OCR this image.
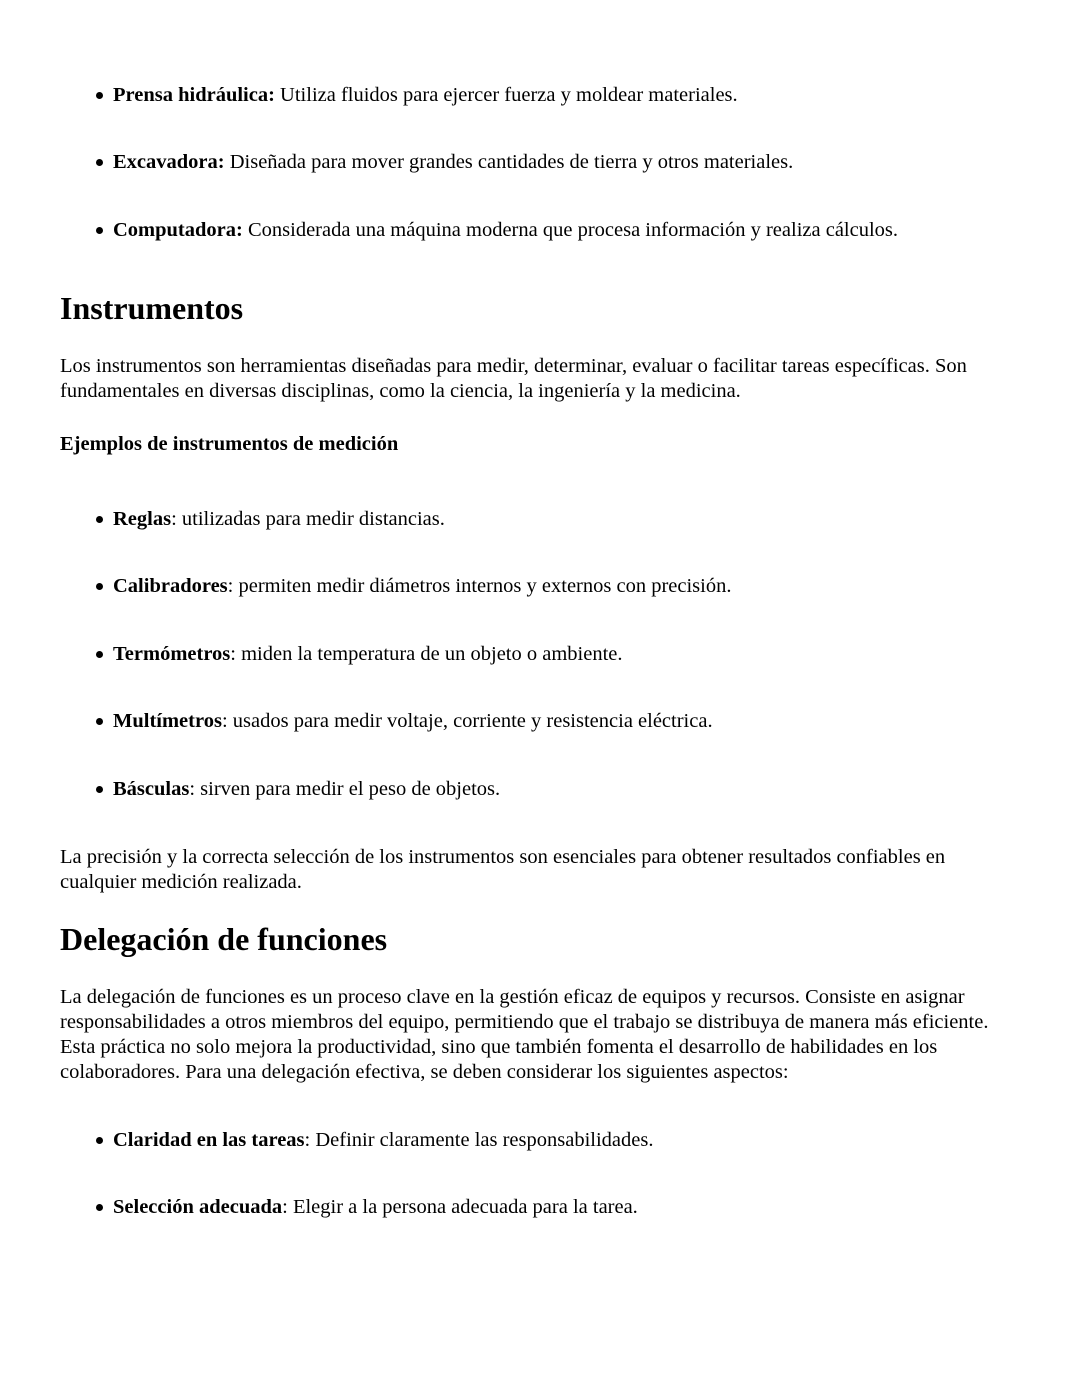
Prensa hidráulica: Utiliza fluidos para ejercer fuerza y moldear materiales.
Excavadora: Diseñada para mover grandes cantidades de tierra y otros materiales.
Computadora: Considerada una máquina moderna que procesa información y realiza cálculos.
Instrumentos

Los instrumentos son herramientas diseñadas para medir, determinar, evaluar o facilitar tareas específicas. Son fundamentales en diversas disciplinas, como la ciencia, la ingeniería y la medicina.

Ejemplos de instrumentos de medición
Reglas: utilizadas para medir distancias.
Calibradores: permiten medir diámetros internos y externos con precisión.
Termómetros: miden la temperatura de un objeto o ambiente.
Multímetros: usados para medir voltaje, corriente y resistencia eléctrica.
Básculas: sirven para medir el peso de objetos.

La precisión y la correcta selección de los instrumentos son esenciales para obtener resultados confiables en cualquier medición realizada.

Delegación de funciones

La delegación de funciones es un proceso clave en la gestión eficaz de equipos y recursos. Consiste en asignar responsabilidades a otros miembros del equipo, permitiendo que el trabajo se distribuya de manera más eficiente. Esta práctica no solo mejora la productividad, sino que también fomenta el desarrollo de habilidades en los colaboradores. Para una delegación efectiva, se deben considerar los siguientes aspectos:

Claridad en las tareas: Definir claramente las responsabilidades.
Selección adecuada: Elegir a la persona adecuada para la tarea.
